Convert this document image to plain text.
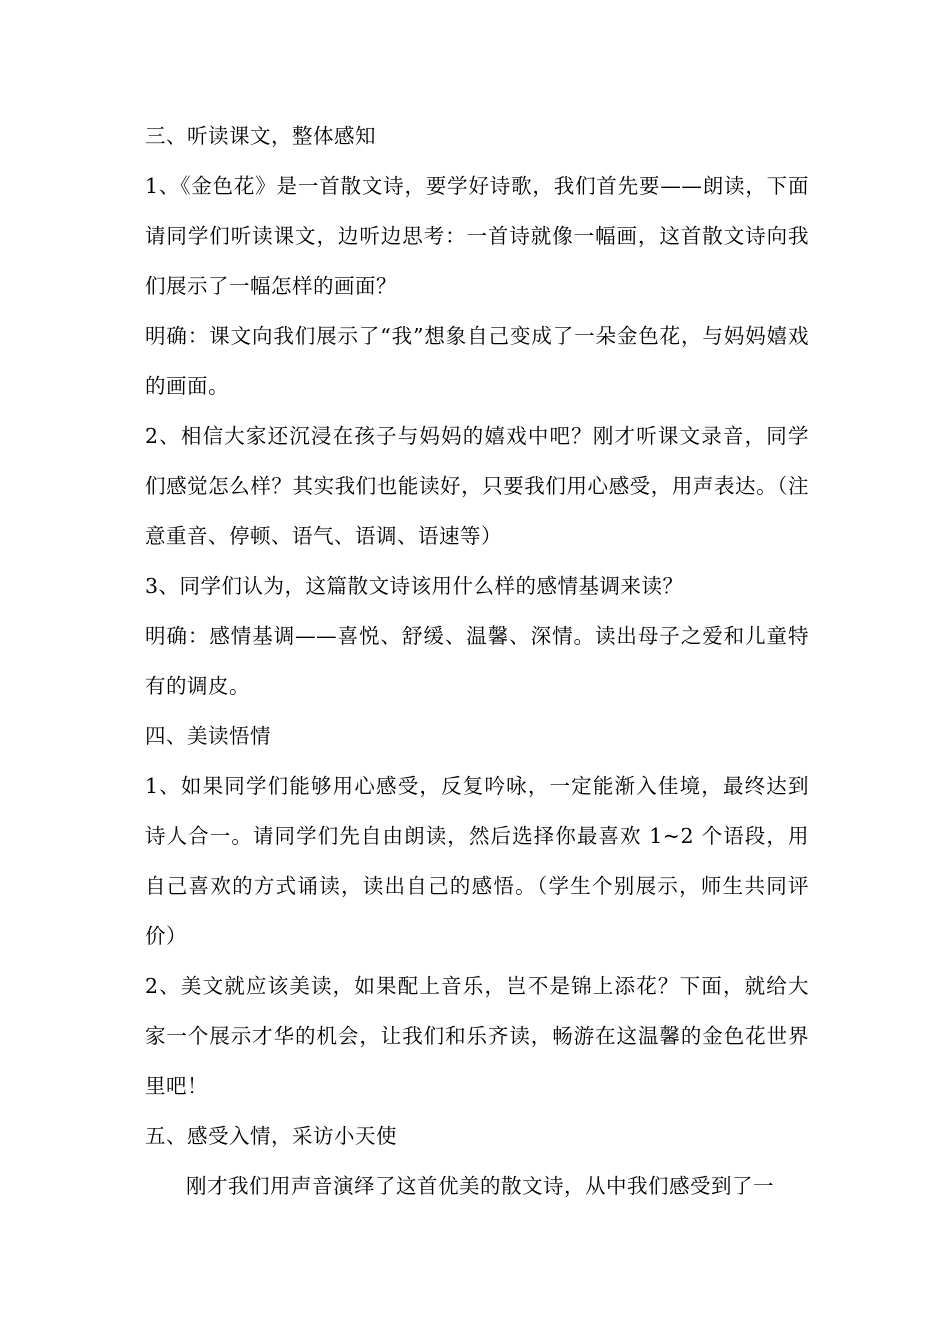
三、听读课文，整体感知

1、《金色花》是一首散文诗，要学好诗歌，我们首先要——朗读，下面请同学们听读课文，边听边思考：一首诗就像一幅画，这首散文诗向我们展示了一幅怎样的画面？

明确：课文向我们展示了“我”想象自己变成了一朵金色花，与妈妈嬉戏的画面。

2、相信大家还沉浸在孩子与妈妈的嬉戏中吧？刚才听课文录音，同学们感觉怎么样？其实我们也能读好，只要我们用心感受，用声表达。（注意重音、停顿、语气、语调、语速等）

3、同学们认为，这篇散文诗该用什么样的感情基调来读？

明确：感情基调——喜悦、舒缓、温馨、深情。读出母子之爱和儿童特有的调皮。

四、美读悟情

1、如果同学们能够用心感受，反复吟咏，一定能渐入佳境，最终达到诗人合一。请同学们先自由朗读，然后选择你最喜欢 1~2 个语段，用自己喜欢的方式诵读，读出自己的感悟。（学生个别展示，师生共同评价）

2、美文就应该美读，如果配上音乐，岂不是锦上添花？下面，就给大家一个展示才华的机会，让我们和乐齐读，畅游在这温馨的金色花世界里吧！

五、感受入情，采访小天使

刚才我们用声音演绎了这首优美的散文诗，从中我们感受到了一
